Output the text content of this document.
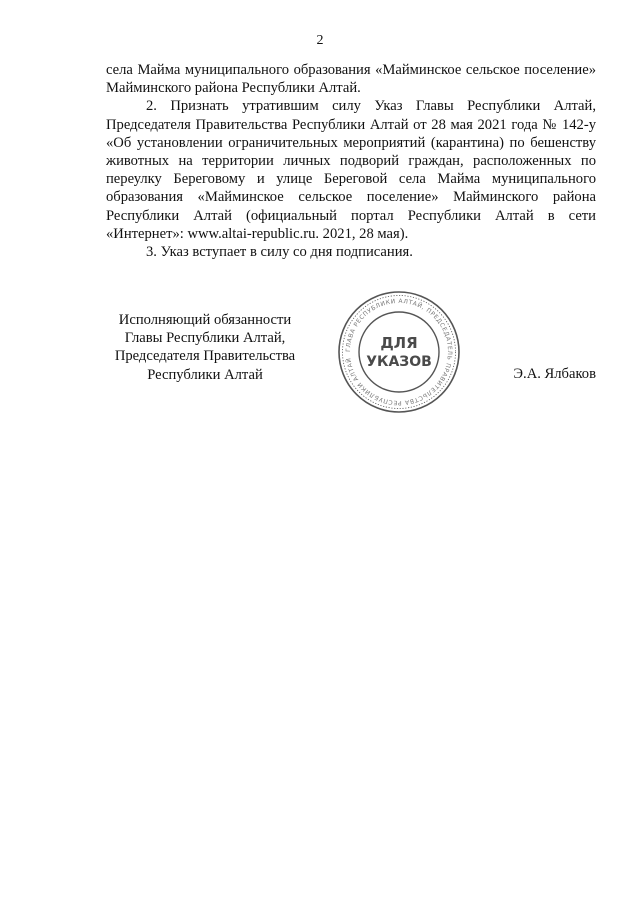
2

села Майма муниципального образования «Майминское сельское поселение» Майминского района Республики Алтай.

2. Признать утратившим силу Указ Главы Республики Алтай, Председателя Правительства Республики Алтай от 28 мая 2021 года № 142-у «Об установлении ограничительных мероприятий (карантина) по бешенству животных на территории личных подворий граждан, расположенных по переулку Береговому и улице Береговой села Майма муниципального образования «Майминское сельское поселение» Майминского района Республики Алтай (официальный портал Республики Алтай в сети «Интернет»: www.altai-republic.ru. 2021, 28 мая).

3. Указ вступает в силу со дня подписания.

Исполняющий обязанности
Главы Республики Алтай,
Председателя Правительства
Республики Алтай
ГЛАВА РЕСПУБЛИКИ АЛТАЙ, ПРЕДСЕДАТЕЛЬ ПРАВИТЕЛЬСТВА РЕСПУБЛИКИ АЛТАЙ
ДЛЯ
УКАЗОВ
Э.А. Ялбаков
